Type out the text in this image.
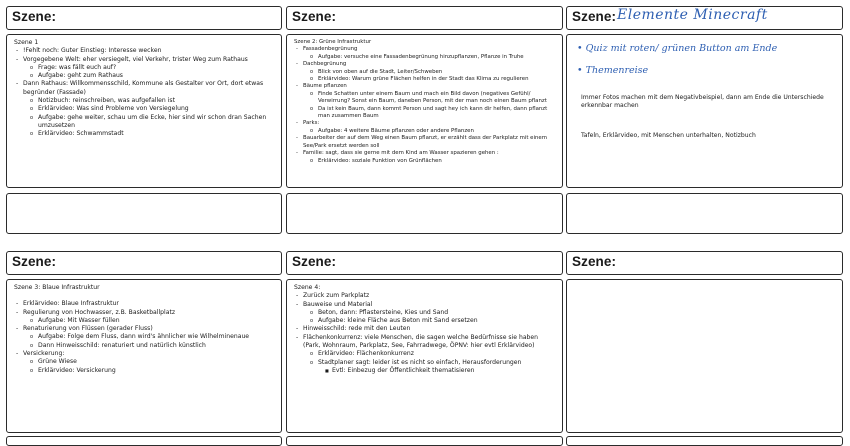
Szene:	Szene:	Szene: Elemente Minecraft
Szene 1
- !Fehlt noch: Guter Einstieg: Interesse wecken
- Vorgegebene Welt: eher versiegelt, viel Verkehr, trister Weg zum Rathaus
o Frage: was fällt euch auf?
o Aufgabe: geht zum Rathaus
- Dann Rathaus: Willkommensschild, Kommune als Gestalter vor Ort, dort etwas begründer (Fassade)
o Notizbuch: reinschreiben, was aufgefallen ist
o Erklärvideo: Was sind Probleme von Versiegelung
o Aufgabe: gehe weiter, schau um die Ecke, hier sind wir schon dran Sachen umzusetzen
o Erklärvideo: Schwammstadt
Szene 2: Grüne Infrastruktur
- Fassadenbegrünung
o Aufgabe: versuche eine Fassadenbegrünung hinzupflanzen, Pflanze in Truhe
- Dachbegrünung
o Blick von oben auf die Stadt, Leiter/Schweben
o Erklärvideo: Warum grüne Flächen helfen in der Stadt das Klima zu regulieren
- Bäume pflanzen
o Finde Schatten unter einem Baum und mach ein Bild davon (negatives Gefühl/ Verwirrung? Sonst ein Baum, daneben Person, mit der man noch einen Baum pflanzt
o Da ist kein Baum, dann kommt Person und sagt hey ich kann dir helfen, dann pflanzt man zusammen Baum
- Parks:
o Aufgabe: 4 weitere Bäume pflanzen oder andere Pflanzen
- Bauarbeiter der auf dem Weg einen Baum pflanzt, er erzählt dass der Parkplatz mit einem See/Park ersetzt werden soll
- Familie: sagt, dass sie gerne mit dem Kind am Wasser spazieren gehen :
o Erklärvideo: soziale Funktion von Grünflächen
• Quiz mit roten/ grünen Button am Ende
• Themenreise
Immer Fotos machen mit dem Negativbeispiel, dann am Ende die Unterschiede erkennbar machen
Tafeln, Erklärvideo, mit Menschen unterhalten, Notizbuch
Szene:	Szene:	Szene:
Szene 3: Blaue Infrastruktur
- Erklärvideo: Blaue Infrastruktur
- Regulierung von Hochwasser, z.B. Basketballplatz
o Aufgabe: Mit Wasser füllen
- Renaturierung von Flüssen (gerader Fluss)
o Aufgabe: Folge dem Fluss, dann wird's ähnlicher wie Wilhelminenaue
o Dann Hinweisschild: renaturiert und natürlich künstlich
- Versickerung:
o Grüne Wiese
o Erklärvideo: Versickerung
Szene 4:
- Zurück zum Parkplatz
- Bauweise und Material
o Beton, dann: Pflastersteine, Kies und Sand
o Aufgabe: kleine Fläche aus Beton mit Sand ersetzen
- Hinweisschild: rede mit den Leuten
- Flächenkonkurrenz: viele Menschen, die sagen welche Bedürfnisse sie haben (Park, Wohnraum, Parkplatz, See, Fahrradwege, ÖPNV: hier evtl Erklärvideo)
o Erklärvideo: Flächenkonkurrenz
o Stadtplaner sagt: leider ist es nicht so einfach, Herausforderungen
■ Evtl: Einbezug der Öffentlichkeit thematisieren
